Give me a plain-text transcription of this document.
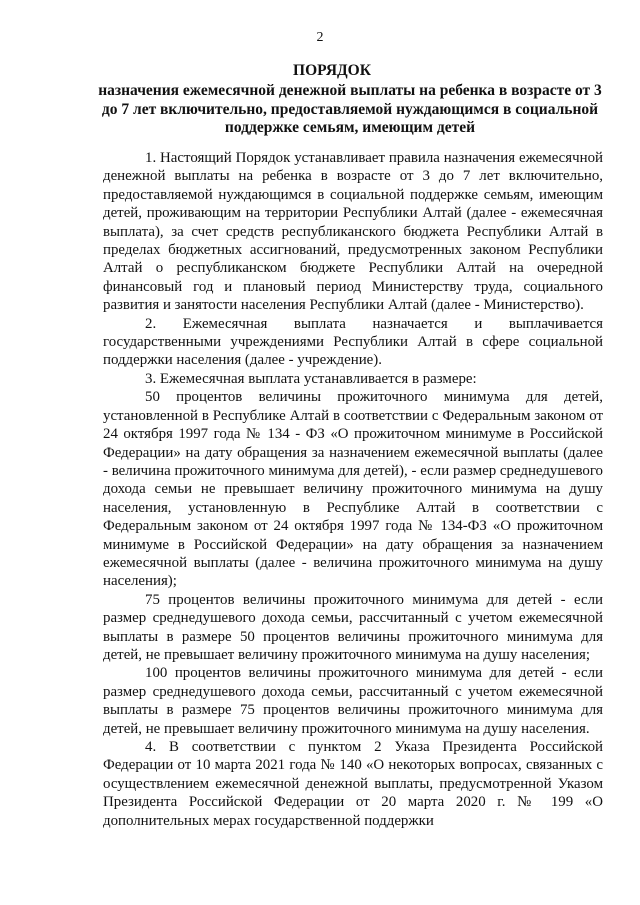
2
ПОРЯДОК
назначения ежемесячной денежной выплаты на ребенка в возрасте от 3 до 7 лет включительно, предоставляемой нуждающимся в социальной поддержке семьям, имеющим детей

1. Настоящий Порядок устанавливает правила назначения ежемесячной денежной выплаты на ребенка в возрасте от 3 до 7 лет включительно, предоставляемой нуждающимся в социальной поддержке семьям, имеющим детей, проживающим на территории Республики Алтай (далее - ежемесячная выплата), за счет средств республиканского бюджета Республики Алтай в пределах бюджетных ассигнований, предусмотренных законом Республики Алтай о республиканском бюджете Республики Алтай на очередной финансовый год и плановый период Министерству труда, социального развития и занятости населения Республики Алтай (далее - Министерство).

2. Ежемесячная выплата назначается и выплачивается государственными учреждениями Республики Алтай в сфере социальной поддержки населения (далее - учреждение).

3. Ежемесячная выплата устанавливается в размере:

50 процентов величины прожиточного минимума для детей, установленной в Республике Алтай в соответствии с Федеральным законом от 24 октября 1997 года № 134 - ФЗ «О прожиточном минимуме в Российской Федерации» на дату обращения за назначением ежемесячной выплаты (далее - величина прожиточного минимума для детей), - если размер среднедушевого дохода семьи не превышает величину прожиточного минимума на душу населения, установленную в Республике Алтай в соответствии с Федеральным законом от 24 октября 1997 года № 134-ФЗ «О прожиточном минимуме в Российской Федерации» на дату обращения за назначением ежемесячной выплаты (далее - величина прожиточного минимума на душу населения);

75 процентов величины прожиточного минимума для детей - если размер среднедушевого дохода семьи, рассчитанный с учетом ежемесячной выплаты в размере 50 процентов величины прожиточного минимума для детей, не превышает величину прожиточного минимума на душу населения;

100 процентов величины прожиточного минимума для детей - если размер среднедушевого дохода семьи, рассчитанный с учетом ежемесячной выплаты в размере 75 процентов величины прожиточного минимума для детей, не превышает величину прожиточного минимума на душу населения.

4. В соответствии с пунктом 2 Указа Президента Российской Федерации от 10 марта 2021 года № 140 «О некоторых вопросах, связанных с осуществлением ежемесячной денежной выплаты, предусмотренной Указом Президента Российской Федерации от 20 марта 2020 г. № 199 «О дополнительных мерах государственной поддержки
